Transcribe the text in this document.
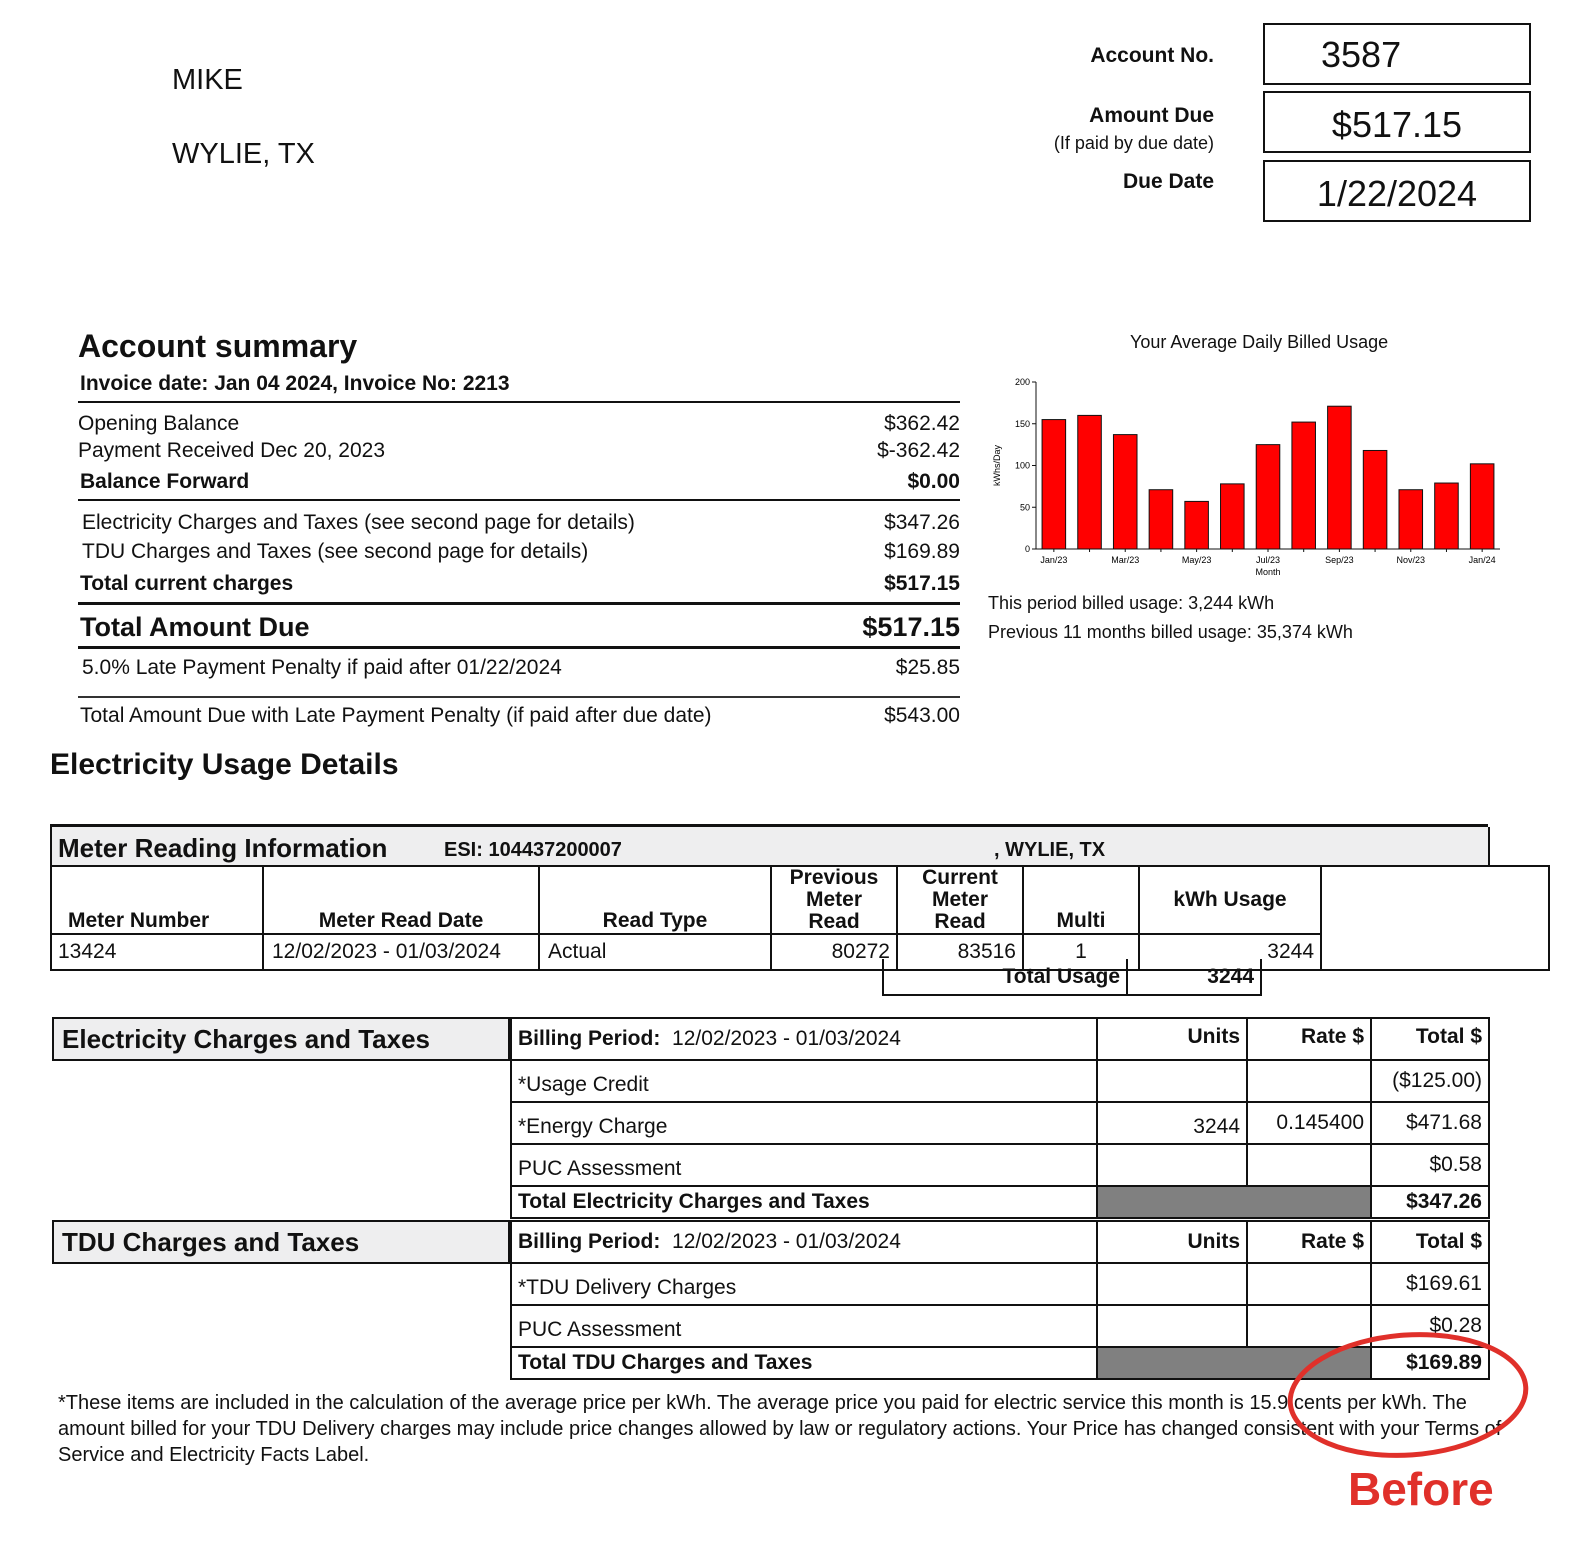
MIKE
WYLIE, TX
Account No.	3587
Amount Due
(If paid by due date)	$517.15
Due Date	1/22/2024
Account summary
Invoice date: Jan 04 2024, Invoice No: 2213
Opening Balance	$362.42
Payment Received Dec 20, 2023	$-362.42
Balance Forward	$0.00
Electricity Charges and Taxes (see second page for details)	$347.26
TDU Charges and Taxes (see second page for details)	$169.89
Total current charges	$517.15
Total Amount Due	$517.15
5.0% Late Payment Penalty if paid after 01/22/2024	$25.85
Total Amount Due with Late Payment Penalty (if paid after due date)	$543.00
Your Average Daily Billed Usage
0
50
100
150
200
kWhs/Day
Jan/23	Mar/23	May/23	Jul/23	Sep/23	Nov/23	Jan/24
Month
This period billed usage: 3,244 kWh
Previous 11 months billed usage: 35,374 kWh
Electricity Usage Details
Meter Reading Information	ESI: 104437200007	, WYLIE, TX
Meter Number	Meter Read Date	Read Type	Previous Meter Read	Current Meter Read	Multi	kWh Usage	
13424	12/02/2023 - 01/03/2024	Actual	80272	83516	1	3244	
Total Usage	3244
Electricity Charges and Taxes	Billing Period: 12/02/2023 - 01/03/2024	Units	Rate $	Total $
*Usage Credit			($125.00)
*Energy Charge	3244	0.145400	$471.68
PUC Assessment			$0.58
Total Electricity Charges and Taxes			$347.26
TDU Charges and Taxes	Billing Period: 12/02/2023 - 01/03/2024	Units	Rate $	Total $
*TDU Delivery Charges			$169.61
PUC Assessment			$0.28
Total TDU Charges and Taxes			$169.89
*These items are included in the calculation of the average price per kWh. The average price you paid for electric service this month is 15.9 cents per kWh. The amount billed for your TDU Delivery charges may include price changes allowed by law or regulatory actions. Your Price has changed consistent with your Terms of Service and Electricity Facts Label.
Before
